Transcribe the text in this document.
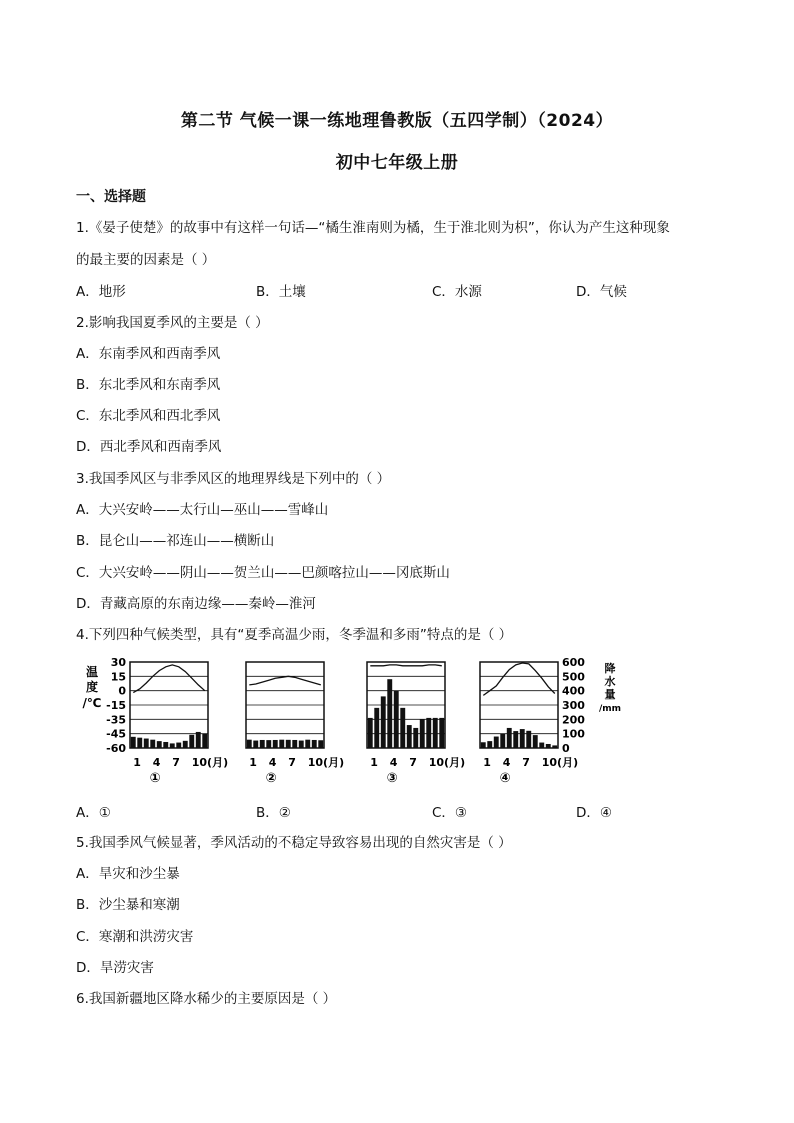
第二节 气候一课一练地理鲁教版（五四学制）（2024）
初中七年级上册
一、选择题
1.《晏子使楚》的故事中有这样一句话—“橘生淮南则为橘，生于淮北则为枳”，你认为产生这种现象
的最主要的因素是（ ）
A．地形	B．土壤	C．水源	D．气候
2.影响我国夏季风的主要是（ ）
A．东南季风和西南季风
B．东北季风和东南季风
C．东北季风和西北季风
D．西北季风和西南季风
3.我国季风区与非季风区的地理界线是下列中的（ ）
A．大兴安岭——太行山—巫山——雪峰山
B．昆仑山——祁连山——横断山
C．大兴安岭——阴山——贺兰山——巴颜喀拉山——冈底斯山
D．青藏高原的东南边缘——秦岭—淮河
4.下列四种气候类型，具有“夏季高温少雨，冬季温和多雨”特点的是（ ）
温
度
/℃
30
15
0
-15
-35
-45
-60
600
500
400
300
200
100
0
降
水
量
/mm
1 4 7 10(月)
①
1 4 7 10(月)
②
1 4 7 10(月)
③
1 4 7 10(月)
④
A．①	B．②	C．③	D．④
5.我国季风气候显著，季风活动的不稳定导致容易出现的自然灾害是（ ）
A．旱灾和沙尘暴
B．沙尘暴和寒潮
C．寒潮和洪涝灾害
D．旱涝灾害
6.我国新疆地区降水稀少的主要原因是（ ）
